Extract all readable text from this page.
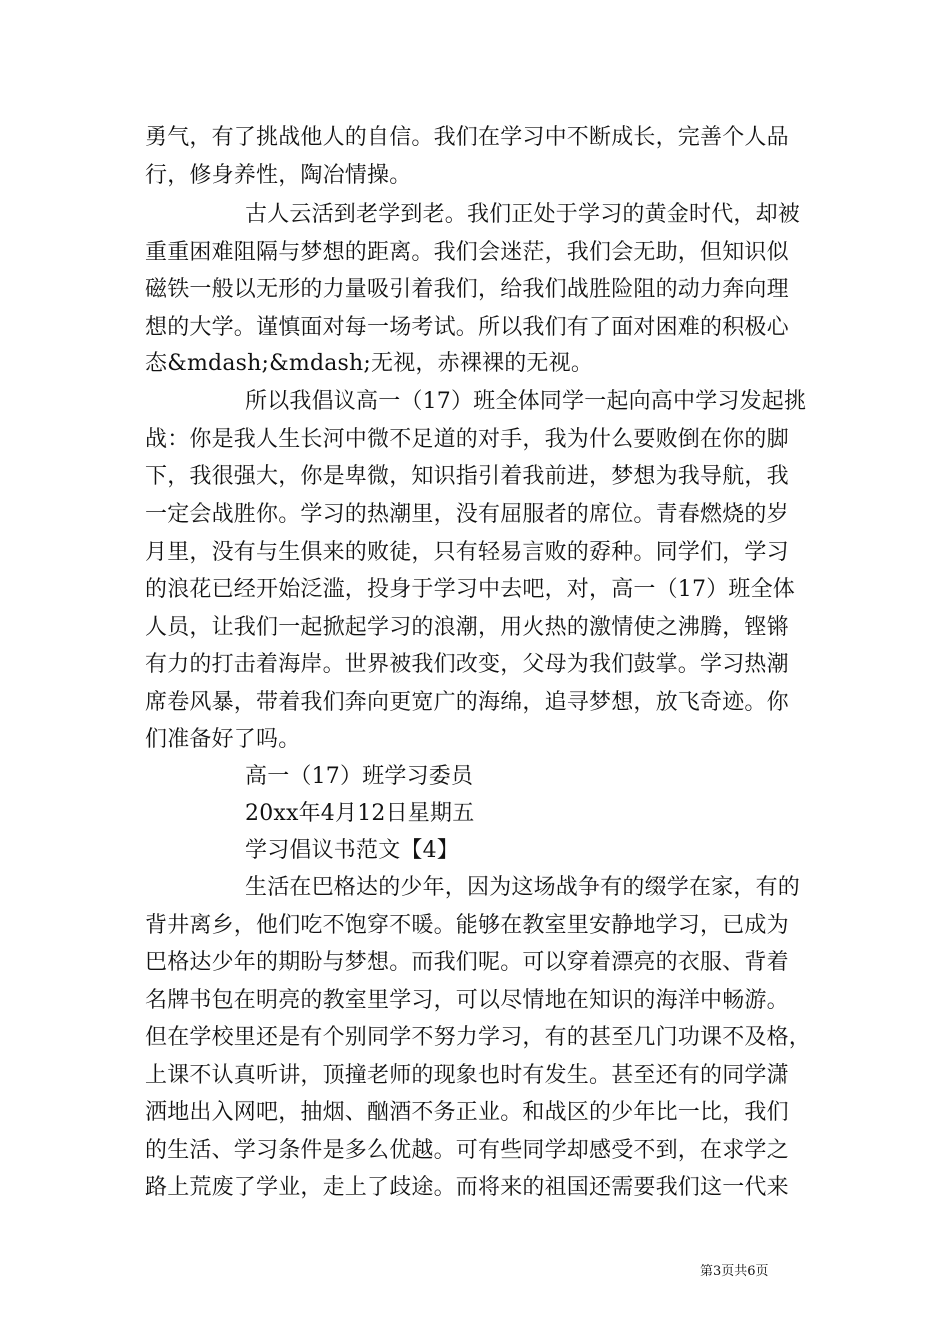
勇气，有了挑战他人的自信。我们在学习中不断成长，完善个人品
行，修身养性，陶冶情操。
古人云活到老学到老。我们正处于学习的黄金时代，却被
重重困难阻隔与梦想的距离。我们会迷茫，我们会无助，但知识似
磁铁一般以无形的力量吸引着我们，给我们战胜险阻的动力奔向理
想的大学。谨慎面对每一场考试。所以我们有了面对困难的积极心
态&mdash;&mdash;无视，赤裸裸的无视。
所以我倡议高一（17）班全体同学一起向高中学习发起挑
战：你是我人生长河中微不足道的对手，我为什么要败倒在你的脚
下，我很强大，你是卑微，知识指引着我前进，梦想为我导航，我
一定会战胜你。学习的热潮里，没有屈服者的席位。青春燃烧的岁
月里，没有与生俱来的败徒，只有轻易言败的孬种。同学们，学习
的浪花已经开始泛滥，投身于学习中去吧，对，高一（17）班全体
人员，让我们一起掀起学习的浪潮，用火热的激情使之沸腾，铿锵
有力的打击着海岸。世界被我们改变，父母为我们鼓掌。学习热潮
席卷风暴，带着我们奔向更宽广的海绵，追寻梦想，放飞奇迹。你
们准备好了吗。
高一（17）班学习委员
20xx年4月12日星期五
学习倡议书范文【4】
生活在巴格达的少年，因为这场战争有的缀学在家，有的
背井离乡，他们吃不饱穿不暖。能够在教室里安静地学习，已成为
巴格达少年的期盼与梦想。而我们呢。可以穿着漂亮的衣服、背着
名牌书包在明亮的教室里学习，可以尽情地在知识的海洋中畅游。
但在学校里还是有个别同学不努力学习，有的甚至几门功课不及格，
上课不认真听讲，顶撞老师的现象也时有发生。甚至还有的同学潇
洒地出入网吧，抽烟、酗酒不务正业。和战区的少年比一比，我们
的生活、学习条件是多么优越。可有些同学却感受不到，在求学之
路上荒废了学业，走上了歧途。而将来的祖国还需要我们这一代来
第3页共6页
